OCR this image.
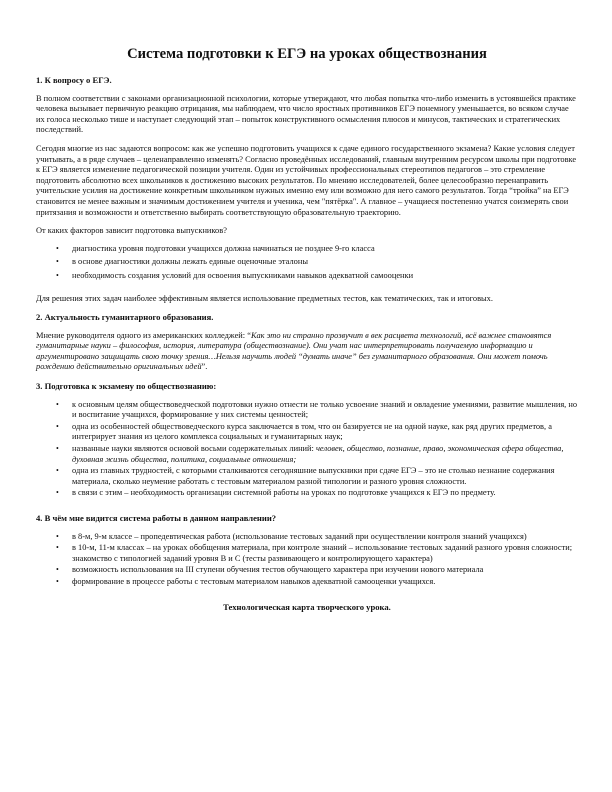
Система подготовки к ЕГЭ на уроках обществознания
1. К вопросу о ЕГЭ.

В полном соответствии с законами организационной психологии, которые утверждают, что любая попытка что-либо изменить в устоявшейся практике человека вызывает первичную реакцию отрицания, мы наблюдаем, что число яростных противников ЕГЭ понемногу уменьшается, во всяком случае их голоса несколько тише и наступает следующий этап – попыток конструктивного осмысления плюсов и минусов, тактических и стратегических последствий.

Сегодня многие из нас задаются вопросом: как же успешно подготовить учащихся к сдаче единого государственного экзамена? Какие условия следует учитывать, а в ряде случаев – целенаправленно изменять? Согласно проведённых исследований, главным внутренним ресурсом школы при подготовке к ЕГЭ является изменение педагогической позиции учителя. Один из устойчивых профессиональных стереотипов педагогов – это стремление подготовить абсолютно всех школьников к достижению высоких результатов. По мнению исследователей, более целесообразно перенаправить учительские усилия на достижение конкретным школьником нужных именно ему или возможно для него самого результатов. Тогда “тройка” на ЕГЭ становится не менее важным и значимым достижением учителя и ученика, чем "пятёрка". А главное – учащиеся постепенно учатся соизмерять свои притязания и возможности и ответственно выбирать соответствующую образовательную траекторию.

От каких факторов зависит подготовка выпускников?

• диагностика уровня подготовки учащихся должна начинаться не позднее 9-го класса
• в основе диагностики должны лежать единые оценочные эталоны
• необходимость создания условий для освоения выпускниками навыков адекватной самооценки

Для решения этих задач наиболее эффективным является использование предметных тестов, как тематических, так и итоговых.

2. Актуальность гуманитарного образования.

Мнение руководителя одного из американских колледжей: “Как это ни странно прозвучит в век расцвета технологий, всё важнее становятся гуманитарные науки – философия, история, литература (обществознание). Они учат нас интерпретировать получаемую информацию и аргументировано защищать свою точку зрения…Нельзя научить людей “думать иначе” без гуманитарного образования. Они может помочь рождению действительно оригинальных идей”.

3. Подготовка к экзамену по обществознанию:
• к основным целям обществоведческой подготовки нужно отнести не только усвоение знаний и овладение умениями, развитие мышления, но и воспитание учащихся, формирование у них системы ценностей;
• одна из особенностей обществоведческого курса заключается в том, что он базируется не на одной науке, как ряд других предметов, а интегрирует знания из целого комплекса социальных и гуманитарных наук;
• названные науки являются основой восьми содержательных линий: человек, общество, познание, право, экономическая сфера общества, духовная жизнь общества, политика, социальные отношения;
• одна из главных трудностей, с которыми сталкиваются сегодняшние выпускники при сдаче ЕГЭ – это не столько незнание содержания материала, сколько неумение работать с тестовым материалом разной типологии и разного уровня сложности.
• в связи с этим – необходимость организации системной работы на уроках по подготовке учащихся к ЕГЭ по предмету.
4. В чём мне видится система работы в данном направлении?
• в 8-м, 9-м классе – пропедевтическая работа (использование тестовых заданий при осуществлении контроля знаний учащихся)
• в 10-м, 11-м классах – на уроках обобщения материала, при контроле знаний – использование тестовых заданий разного уровня сложности; знакомство с типологией заданий уровня В и С (тесты развивающего и контролирующего характера)
• возможность использования на III ступени обучения тестов обучающего характера при изучении нового материала
• формирование в процессе работы с тестовым материалом навыков адекватной самооценки учащихся.
Технологическая карта творческого урока.
